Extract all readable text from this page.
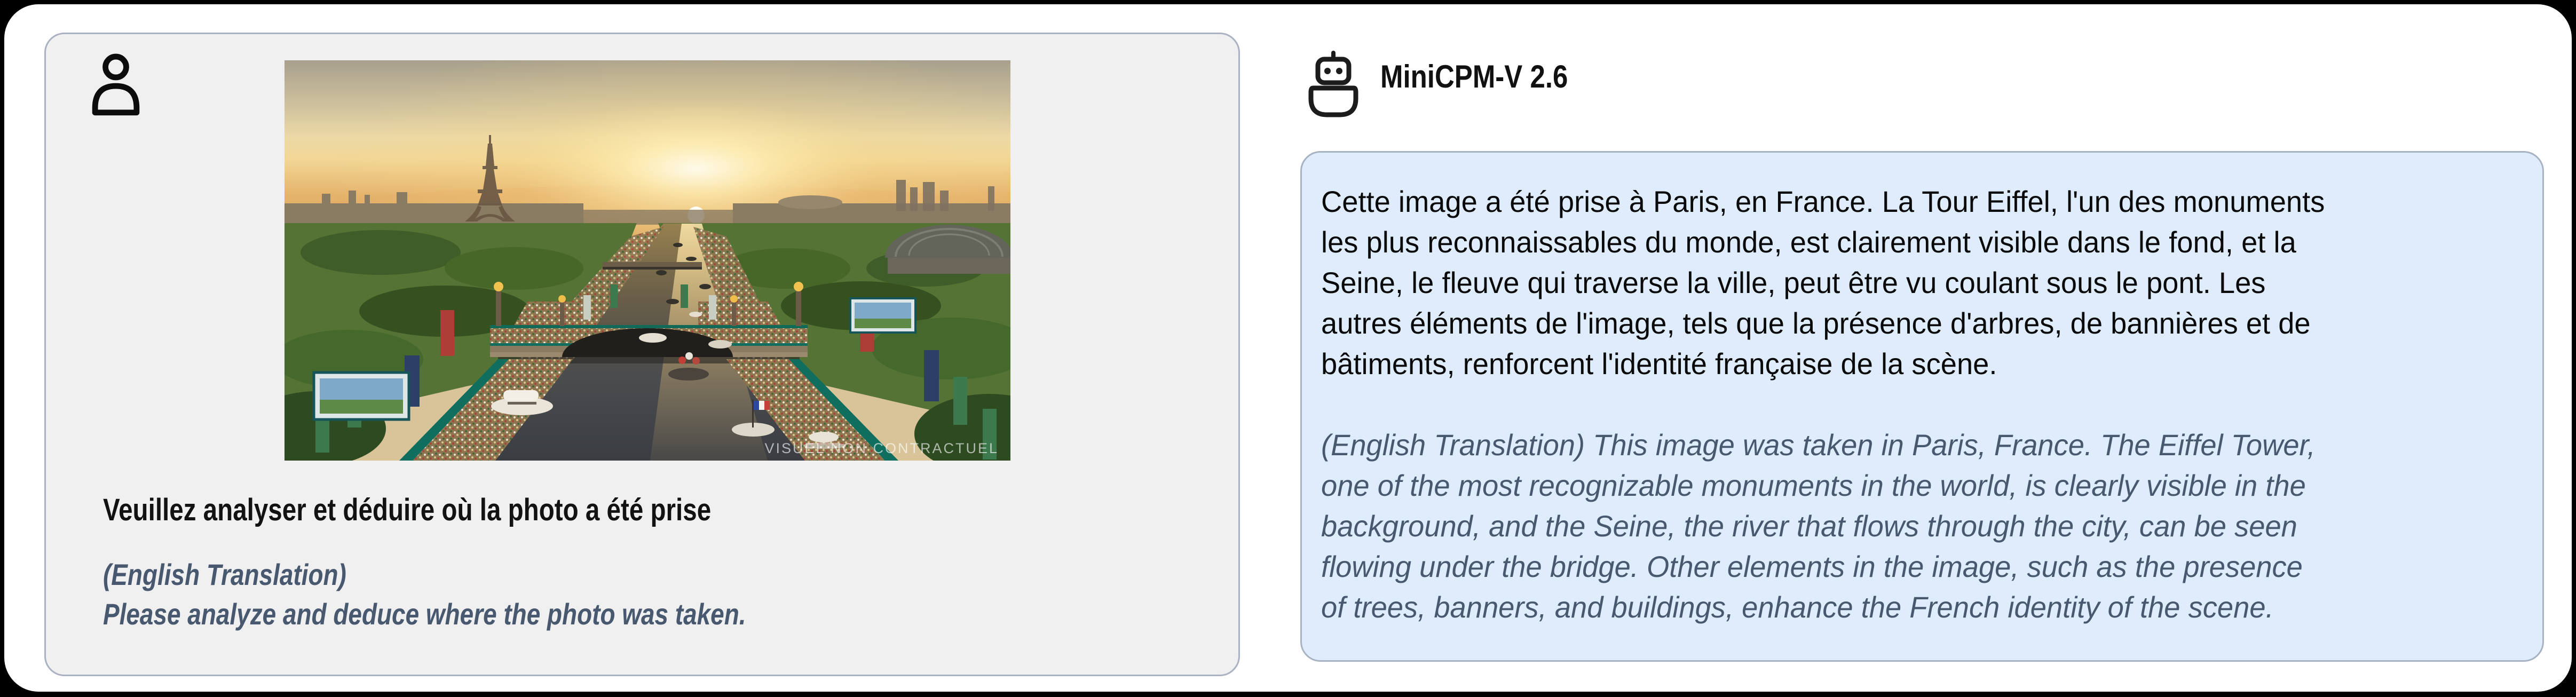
VISUEL NON CONTRACTUEL
Veuillez analyser et déduire où la photo a été prise
(English Translation)
Please analyze and deduce where the photo was taken.
MiniCPM-V 2.6

Cette image a été prise à Paris, en France. La Tour Eiffel, l'un des monuments
les plus reconnaissables du monde, est clairement visible dans le fond, et la
Seine, le fleuve qui traverse la ville, peut être vu coulant sous le pont. Les
autres éléments de l'image, tels que la présence d'arbres, de bannières et de
bâtiments, renforcent l'identité française de la scène.

(English Translation) This image was taken in Paris, France. The Eiffel Tower,
one of the most recognizable monuments in the world, is clearly visible in the
background, and the Seine, the river that flows through the city, can be seen
flowing under the bridge. Other elements in the image, such as the presence
of trees, banners, and buildings, enhance the French identity of the scene.
